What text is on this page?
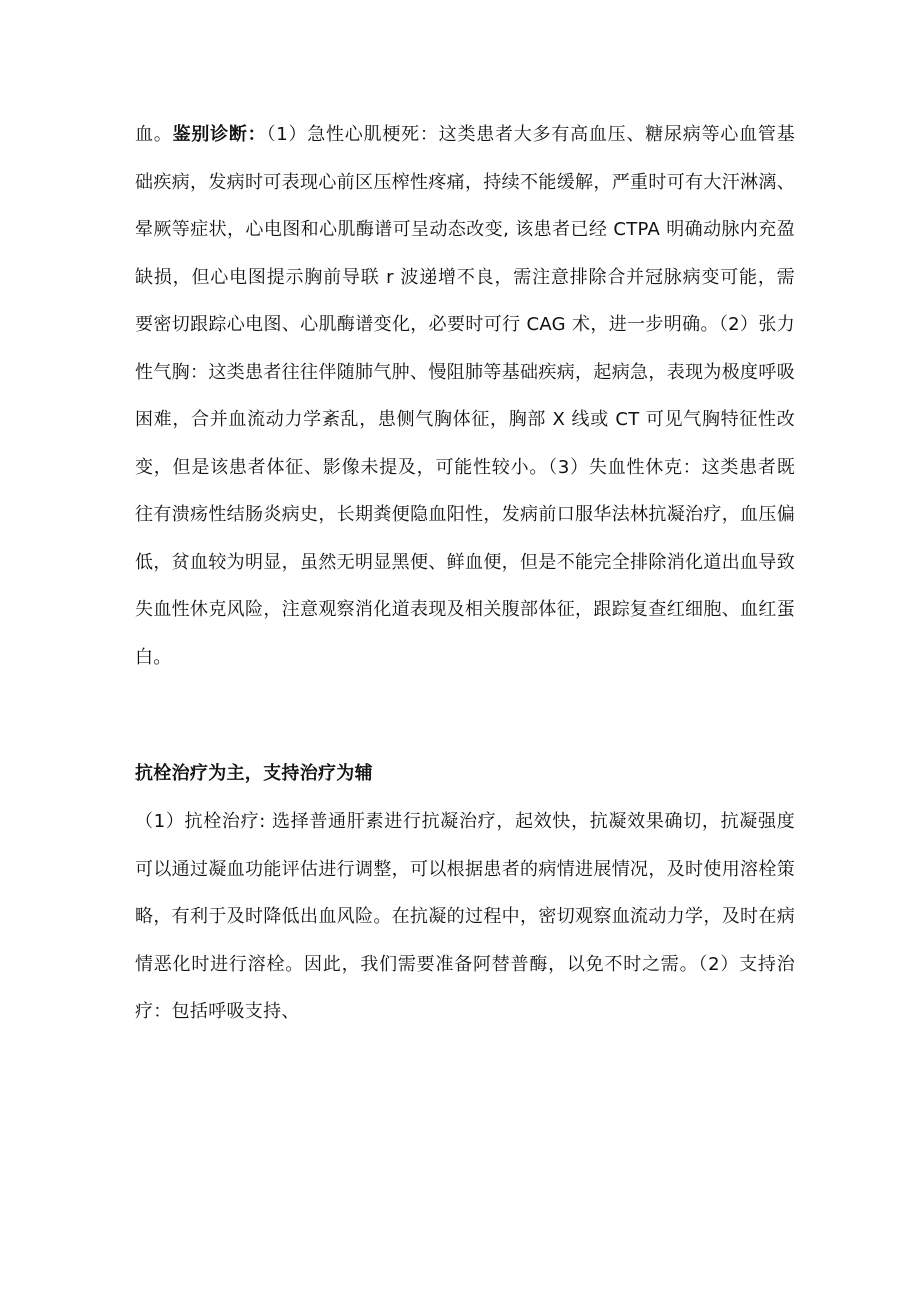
血。鉴别诊断：（1）急性心肌梗死：这类患者大多有高血压、糖尿病等心血管基础疾病，发病时可表现心前区压榨性疼痛，持续不能缓解，严重时可有大汗淋漓、晕厥等症状，心电图和心肌酶谱可呈动态改变, 该患者已经 CTPA 明确动脉内充盈缺损，但心电图提示胸前导联 r 波递增不良，需注意排除合并冠脉病变可能，需要密切跟踪心电图、心肌酶谱变化，必要时可行 CAG 术，进一步明确。（2）张力性气胸：这类患者往往伴随肺气肿、慢阻肺等基础疾病，起病急，表现为极度呼吸困难，合并血流动力学紊乱，患侧气胸体征，胸部 X 线或 CT 可见气胸特征性改变，但是该患者体征、影像未提及，可能性较小。（3）失血性休克：这类患者既往有溃疡性结肠炎病史，长期粪便隐血阳性，发病前口服华法林抗凝治疗，血压偏低，贫血较为明显，虽然无明显黑便、鲜血便，但是不能完全排除消化道出血导致失血性休克风险，注意观察消化道表现及相关腹部体征，跟踪复查红细胞、血红蛋白。

抗栓治疗为主，支持治疗为辅

（1）抗栓治疗: 选择普通肝素进行抗凝治疗，起效快，抗凝效果确切，抗凝强度可以通过凝血功能评估进行调整，可以根据患者的病情进展情况，及时使用溶栓策略，有利于及时降低出血风险。在抗凝的过程中，密切观察血流动力学，及时在病情恶化时进行溶栓。因此，我们需要准备阿替普酶，以免不时之需。（2）支持治疗：包括呼吸支持、
